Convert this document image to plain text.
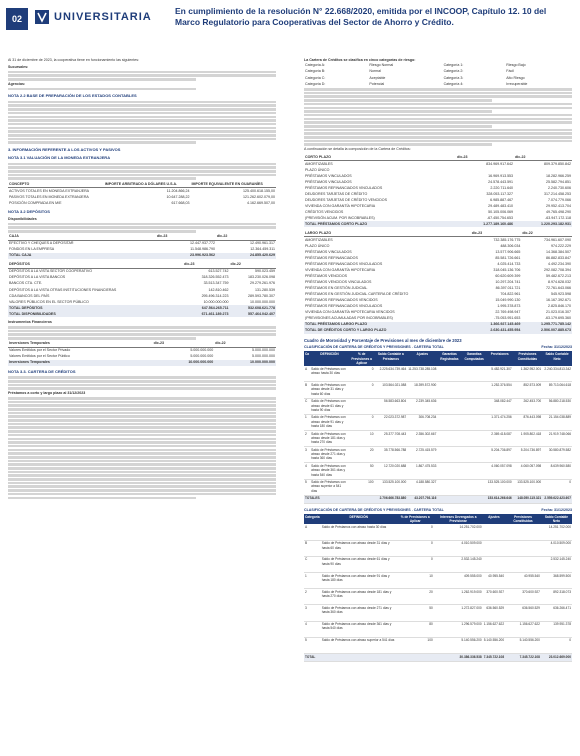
02	UNIVERSITARIA	En cumplimiento de la resolución N° 22.668/2020, emitida por el INCOOP, Capítulo 12. 10 del Marco Regulatorio para Cooperativas del Sector de Ahorro y Crédito.

Al 31 de diciembre de 2023, la cooperativa tiene en funcionamiento las siguientes:

Sucursales:
Agencias:
NOTA 2.2 BASE DE PREPARACIÓN DE LOS ESTADOS CONTABLES
3. INFORMACIÓN REFERENTE A LOS ACTIVOS Y PASIVOS
NOTA 3.1 VALUACIÓN DE LA MONEDA EXTRANJERA
CONCEPTO	IMPORTE ARBITRADO A DÓLARES U.S.A.	IMPORTE EQUIVALENTE EN GUARANÍES
ACTIVOS TOTALES EN MONEDA EXTRANJERA	11.204.866,24	125.400.618.155,00
PASIVOS TOTALES EN MONEDA EXTRANJERA	10.647.288,22	121.262.602.079,00
POSICIÓN COMPRADA EN M/E	617.668,03	4.162.669.507,00
NOTA 3.2 DEPÓSITOS
Disponibilidades
CAJA	dic-23	dic-22
EFECTIVO Y CHEQUES A DEPOSITAR	12.447.937.772	12.490.961.317
FONDOS EN LA EMPRESA	11.548.986.790	12.364.459.311
TOTAL CAJA	23.996.923.562	24.855.420.629
DEPÓSITOS	dic-23	dic-22
DEPÓSITOS A LA VISTA SECTOR COOPERATIVO	613.527.742	590.023.459
DEPÓSITOS A LA VISTA BANCOS	318.326.552.473	183.230.026.098
BANCOS CTA. CTE.	33.513.347.759	29.279.261.976
DEPÓSITOS A LA VISTA OTRAS INSTITUCIONES FINANCIERAS	142.810.462	131.280.539
CDA BANCOS DEL PAÍS	295.496.314.223	289.593.780.307
VALORES PÚBLICOS EN EL SECTOR PÚBLICO	10.000.000.000	10.000.000.000
TOTAL DEPÓSITOS	647.564.265.711	532.608.621.778
TOTAL DISPONIBILIDADES	671.461.189.273	557.464.042.407
Instrumentos Financieros
Inversiones Temporales	dic-23	dic-22
Valores Emitidos por el Sector Privado	5.000.000.000	5.000.000.000
Valores Emitidos por el Sector Público	5.000.000.000	5.000.000.000
Inversiones Temporales	10.000.000.000	10.000.000.000
NOTA 3.3. CARTERA DE CRÉDITOS
Préstamos a corto y largo plazo al 31/12/2023
La Cartera de Créditos se clasifica en cinco categorías de riesgo:
Categoría A:	Riesgo Normal	Categoría 1:	Riesgo Bajo
Categoría B:	Normal	Categoría 2:	Fácil
Categoría C:	Aceptable	Categoría 3:	Alto Riesgo
Categoría D:	Potencial	Categoría 4:	Irrecuperable

A continuación se detalla la composición de la Cartera de Créditos:

CORTO PLAZO	dic-23	dic-22
AMORTIZABLES	834.969.917.642	809.379.850.842
PLAZO ÚNICO		
PRÉSTAMOS VINCULADOS	16.969.913.553	18.282.966.259
PRÉSTAMOS VINCULADOS	24.578.443.591	25.582.794.851
PRÉSTAMOS REFINANCIADOS VINCULADOS	2.220.711.640	2.240.730.606
DEUDORES TARJETAS DE CRÉDITO	328.053.117.327	317.214.458.253
DEUDORES TARJETAS DE CRÉDITO VENCIDOS	6.985.887.467	7.074.779.066
VIVIENDA CON GARANTÍA HIPOTECARIA	29.489.483.410	29.952.413.704
CRÉDITOS VENCIDOS	50.105.006.069	49.765.498.290
(PREVISIÓN ACUM. POR INCOBRABLES)	-67.450.754.653	-63.947.172.118
TOTAL PRÉSTAMOS CORTO PLAZO	1.277.189.160.486	1.220.293.182.931
LARGO PLAZO	dic-23	dic-22
AMORTIZABLES	732.385.176.775	734.961.607.090
PLAZO ÚNICO	488.306.034	974.222.229
PRÉSTAMOS VINCULADOS	13.577.906.665	14.368.384.507
PRÉSTAMOS REFINANCIADOS	85.581.726.661	86.882.833.847
PRÉSTAMOS REFINANCIADOS VINCULADOS	4.025.414.733	4.492.234.390
VIVIENDA CON GARANTÍA HIPOTECARIA	318.045.136.706	292.082.708.394
PRÉSTAMOS VENCIDOS	60.620.609.399	59.482.672.213
PRÉSTAMOS VENCIDOS VINCULADOS	10.297.204.741	8.974.628.032
PRÉSTAMOS EN GESTIÓN JUDICIAL	86.397.011.721	72.761.643.066
PRÉSTAMOS EN GESTIÓN JUDICIAL CARTERA DE CRÉDITO	704.822.961	545.923.598
PRÉSTAMOS REFINANCIADOS VENCIDOS	15.049.990.130	16.167.392.671
PRÉSTAMOS REFINANCIADOS VINCULADOS	1.995.378.873	2.825.846.170
VIVIENDA CON GARANTÍA HIPOTECARIA VENCIDOS	22.769.498.947	21.023.016.307
(PREVISIONES ACUMULADAS POR INCOBRABLES)	-75.053.951.653	-63.179.695.360
TOTAL PRÉSTAMOS LARGO PLAZO	1.366.927.145.469	1.295.771.785.142
TOTAL DE CRÉDITOS CORTO Y LARGO PLAZO	2.630.431.455.954	2.506.007.885.673
Cuadro de Morosidad y Porcentaje de Previsiones al mes de diciembre de 2023
CLASIFICACIÓN DE CARTERA DE CRÉDITOS Y PREVISIONES . CARTERA TOTAL	Fecha: 31/12/2023
Ca	DEFINICIÓN	% de Previsiones a Aplicar	Saldo Contable a Préstamos	Ajustes	Garantías Registradas	Garantías Computadas	Previsiones	Previsiones Constituidas	Saldo Contable Neto
A	Saldo de Préstamos con atraso hasta 30 días	0	2.225.634.739.464	11.253.738.285.108			5.482.921.307	1.362.952.001	2.240.334.813.342
B	Saldo de Préstamos con atraso desde 31 días y hasta 60 días	0	103.564.021.088	18.399.572.900			1.252.376.554	852.573.009	89.713.064.618
C	Saldo de Préstamos con atraso desde 61 días y hasta 90 días		56.583.663.804	2.239.345.636			348.082.447	262.453.700	56.880.218.530
1	Saldo de Préstamos con atraso desde 91 días y hasta 180 días	0	22.023.372.987	306.708.234			1.371.474.256	876.443.098	21.154.038.889
2	Saldo de Préstamos con atraso desde 181 días y hasta 270 días	10	25.377.708.443	2.356.302.667			2.369.418.087	1.905.802.418	21.919.748.066
3	Saldo de Préstamos con atraso desde 271 días y hasta 360 días	20	35.778.566.788	2.725.415.579			5.204.736.897	5.204.736.897	30.580.879.582
4	Saldo de Préstamos con atraso desde 361 días y hasta 540 días	50	12.720.020.688	1.867.475.533			4.060.057.098	4.060.057.098	8.639.960.580
5	Saldo de Préstamos con atraso superior a 541 días	100	133.525.100.000	4.188.580.327			133.525.100.000	133.525.100.000	0
TOTALES			2.706.666.783.880	43.207.793.116			153.614.266.646	148.050.115.321	2.559.622.423.607
CLASIFICACIÓN DE CARTERA DE CRÉDITOS Y PREVISIONES . CARTERA TOTAL	Fecha: 31/12/2023
Categoría	DEFINICIÓN	% de Previsiones a Aplicar	Intereses Devengados a Previsionar	Ajustes	Previsiones Constituidas	Saldo Contable Neto
A	Saldo de Préstamos con atraso hasta 30 días	0	14.251.702.000			14.251.702.000
B	Saldo de Préstamos con atraso desde 31 días y hasta 60 días	0	4.010.509.000			4.010.509.000
C	Saldo de Préstamos con atraso desde 61 días y hasta 90 días	0	2.532.145.240			2.532.145.240
1	Saldo de Préstamos con atraso desde 91 días y hasta 180 días	10	409.555.000	40.955.540	40.955.540	368.599.500
2	Saldo de Préstamos con atraso desde 181 días y hasta 270 días	20	1.262.919.000	370.600.927	370.600.927	892.318.073
3	Saldo de Préstamos con atraso desde 271 días y hasta 360 días	50	1.272.827.000	636.560.529	636.560.529	636.266.471
4	Saldo de Préstamos con atraso desde 361 días y hasta 540 días	80	1.296.579.000	1.156.627.622	1.156.627.622	139.951.378
5	Saldo de Préstamos con atraso superior a 541 días	100	5.140.556.200	5.140.556.200	5.140.556.200	0
TOTAL			30.386.336.538	7.345.722.108	7.345.722.108	23.012.669.000
